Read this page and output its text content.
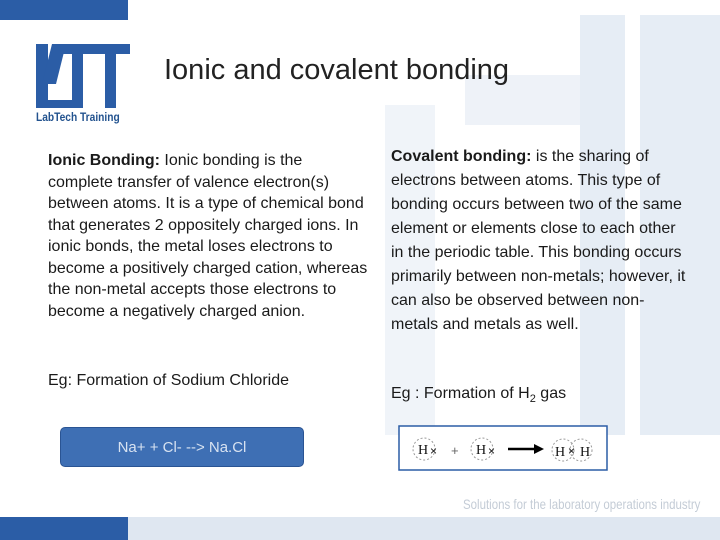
Solutions for the laboratory operations industry
LabTech Training
Ionic and covalent bonding
Ionic Bonding: Ionic bonding is the complete transfer of valence electron(s) between atoms. It is a type of chemical bond that generates 2 oppositely charged ions. In ionic bonds, the metal loses electrons to become a positively charged cation, whereas the non-metal accepts those electrons to become a negatively charged anion.
Eg: Formation of Sodium Chloride
Na+ + Cl- --> Na.Cl
Covalent bonding: is the sharing of electrons between atoms. This type of bonding occurs between two of the same element or elements close to each other in the periodic table. This bonding occurs primarily between non-metals; however, it can also be observed between non-metals and metals as well.
Eg : Formation of $H_2$ gas
H × + H ×	H × H
